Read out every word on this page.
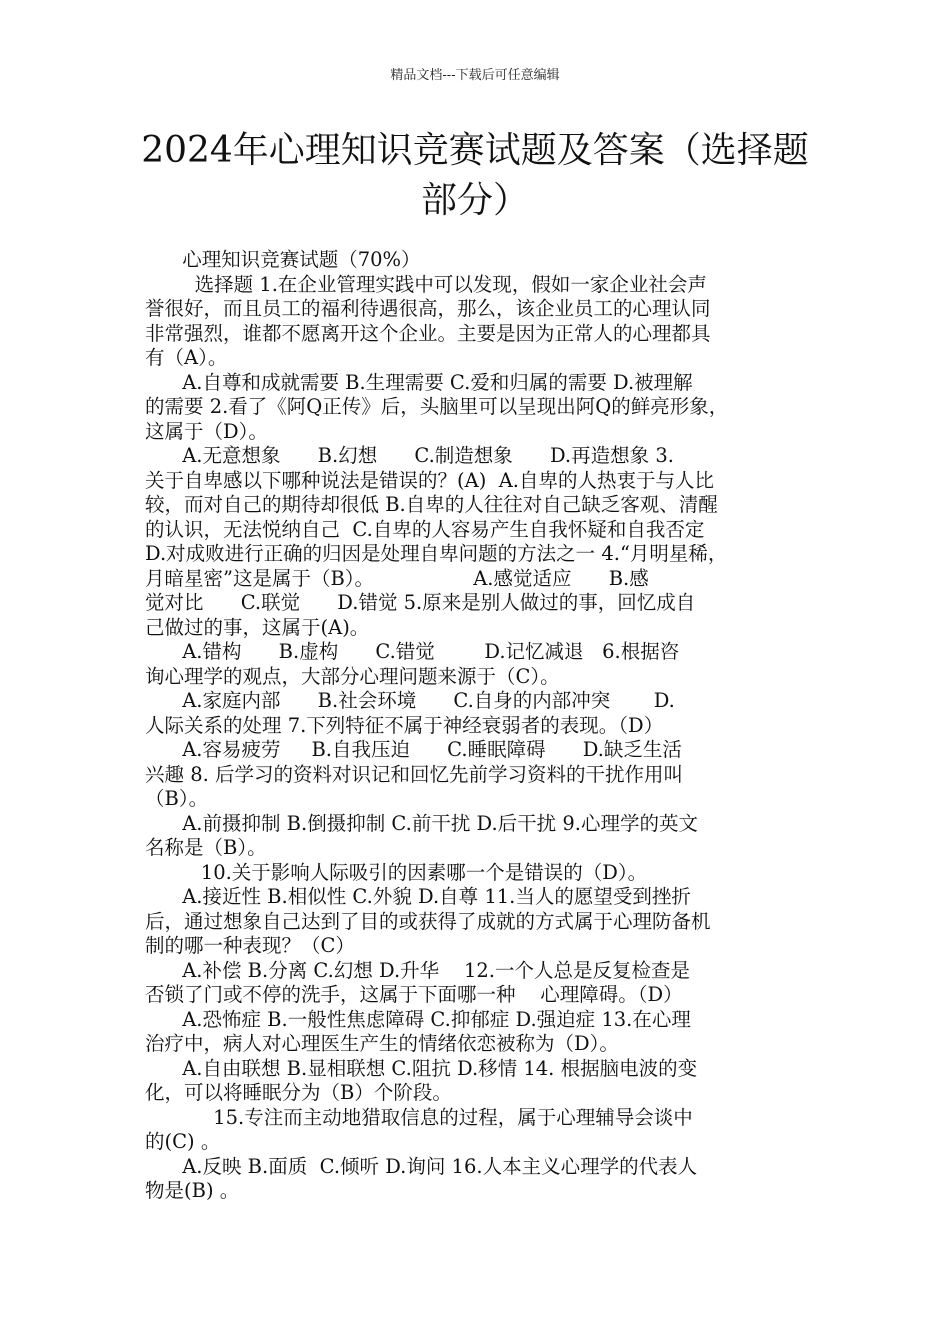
精品文档---下载后可任意编辑
2024年心理知识竞赛试题及答案（选择题
部分）
心理知识竞赛试题（70%）
选择题 1.在企业管理实践中可以发现，假如一家企业社会声
誉很好，而且员工的福利待遇很高，那么，该企业员工的心理认同
非常强烈，谁都不愿离开这个企业。主要是因为正常人的心理都具
有（A）。
A.自尊和成就需要 B.生理需要 C.爱和归属的需要 D.被理解
的需要 2.看了《阿Q正传》后，头脑里可以呈现出阿Q的鲜亮形象，
这属于（D）。
A.无意想象      B.幻想      C.制造想象      D.再造想象 3.
关于自卑感以下哪种说法是错误的？(A)  A.自卑的人热衷于与人比
较，而对自己的期待却很低 B.自卑的人往往对自己缺乏客观、清醒
的认识，无法悦纳自己  C.自卑的人容易产生自我怀疑和自我否定
D.对成败进行正确的归因是处理自卑问题的方法之一 4.“月明星稀，
月暗星密”这是属于（B）。                A.感觉适应      B.感
觉对比      C.联觉      D.错觉 5.原来是别人做过的事，回忆成自
己做过的事，这属于(A)。
A.错构      B.虚构      C.错觉        D.记忆减退   6.根据咨
询心理学的观点，大部分心理问题来源于（C）。
A.家庭内部      B.社会环境      C.自身的内部冲突       D.
人际关系的处理 7.下列特征不属于神经衰弱者的表现。（D）
A.容易疲劳     B.自我压迫      C.睡眠障碍      D.缺乏生活
兴趣 8. 后学习的资料对识记和回忆先前学习资料的干扰作用叫
（B）。
A.前摄抑制 B.倒摄抑制 C.前干扰 D.后干扰 9.心理学的英文
名称是（B）。
10.关于影响人际吸引的因素哪一个是错误的（D）。
A.接近性 B.相似性 C.外貌 D.自尊 11.当人的愿望受到挫折
后，通过想象自己达到了目的或获得了成就的方式属于心理防备机
制的哪一种表现？（C）
A.补偿 B.分离 C.幻想 D.升华    12.一个人总是反复检查是
否锁了门或不停的洗手，这属于下面哪一种    心理障碍。（D）
A.恐怖症 B.一般性焦虑障碍 C.抑郁症 D.强迫症 13.在心理
治疗中，病人对心理医生产生的情绪依恋被称为（D）。
A.自由联想 B.显相联想 C.阻抗 D.移情 14. 根据脑电波的变
化，可以将睡眠分为（B）个阶段。
15.专注而主动地猎取信息的过程，属于心理辅导会谈中
的(C) 。
A.反映 B.面质  C.倾听 D.询问 16.人本主义心理学的代表人
物是(B) 。
